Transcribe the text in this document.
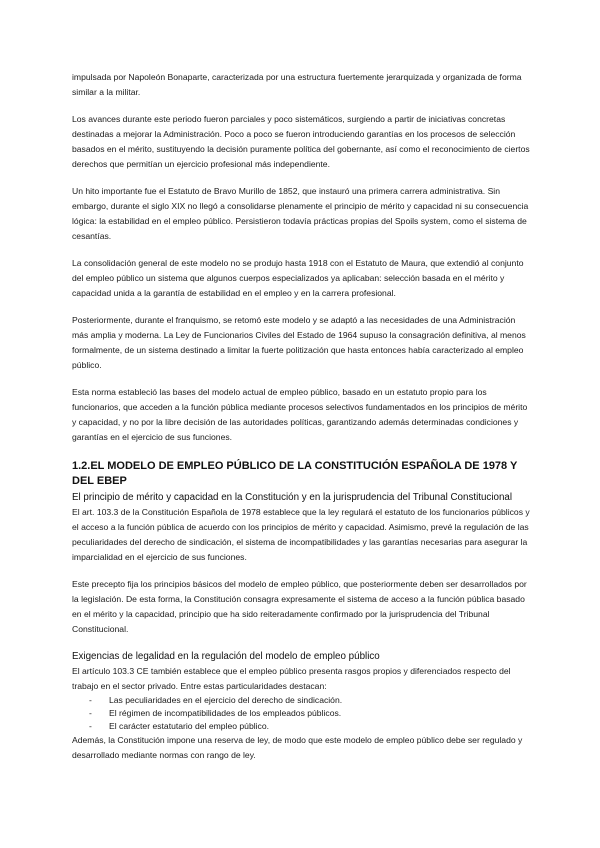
impulsada por Napoleón Bonaparte, caracterizada por una estructura fuertemente jerarquizada y organizada de forma similar a la militar.

Los avances durante este periodo fueron parciales y poco sistemáticos, surgiendo a partir de iniciativas concretas destinadas a mejorar la Administración. Poco a poco se fueron introduciendo garantías en los procesos de selección basados en el mérito, sustituyendo la decisión puramente política del gobernante, así como el reconocimiento de ciertos derechos que permitían un ejercicio profesional más independiente.

Un hito importante fue el Estatuto de Bravo Murillo de 1852, que instauró una primera carrera administrativa. Sin embargo, durante el siglo XIX no llegó a consolidarse plenamente el principio de mérito y capacidad ni su consecuencia lógica: la estabilidad en el empleo público. Persistieron todavía prácticas propias del Spoils system, como el sistema de cesantías.

La consolidación general de este modelo no se produjo hasta 1918 con el Estatuto de Maura, que extendió al conjunto del empleo público un sistema que algunos cuerpos especializados ya aplicaban: selección basada en el mérito y capacidad unida a la garantía de estabilidad en el empleo y en la carrera profesional.

Posteriormente, durante el franquismo, se retomó este modelo y se adaptó a las necesidades de una Administración más amplia y moderna. La Ley de Funcionarios Civiles del Estado de 1964 supuso la consagración definitiva, al menos formalmente, de un sistema destinado a limitar la fuerte politización que hasta entonces había caracterizado al empleo público.

Esta norma estableció las bases del modelo actual de empleo público, basado en un estatuto propio para los funcionarios, que acceden a la función pública mediante procesos selectivos fundamentados en los principios de mérito y capacidad, y no por la libre decisión de las autoridades políticas, garantizando además determinadas condiciones y garantías en el ejercicio de sus funciones.

1.2.EL MODELO DE EMPLEO PÚBLICO DE LA CONSTITUCIÓN ESPAÑOLA DE 1978 Y DEL EBEP
El principio de mérito y capacidad en la Constitución y en la jurisprudencia del Tribunal Constitucional

El art. 103.3 de la Constitución Española de 1978 establece que la ley regulará el estatuto de los funcionarios públicos y el acceso a la función pública de acuerdo con los principios de mérito y capacidad. Asimismo, prevé la regulación de las peculiaridades del derecho de sindicación, el sistema de incompatibilidades y las garantías necesarias para asegurar la imparcialidad en el ejercicio de sus funciones.

Este precepto fija los principios básicos del modelo de empleo público, que posteriormente deben ser desarrollados por la legislación. De esta forma, la Constitución consagra expresamente el sistema de acceso a la función pública basado en el mérito y la capacidad, principio que ha sido reiteradamente confirmado por la jurisprudencia del Tribunal Constitucional.

Exigencias de legalidad en la regulación del modelo de empleo público

El artículo 103.3 CE también establece que el empleo público presenta rasgos propios y diferenciados respecto del trabajo en el sector privado. Entre estas particularidades destacan:

- Las peculiaridades en el ejercicio del derecho de sindicación.
- El régimen de incompatibilidades de los empleados públicos.
- El carácter estatutario del empleo público.

Además, la Constitución impone una reserva de ley, de modo que este modelo de empleo público debe ser regulado y desarrollado mediante normas con rango de ley.
